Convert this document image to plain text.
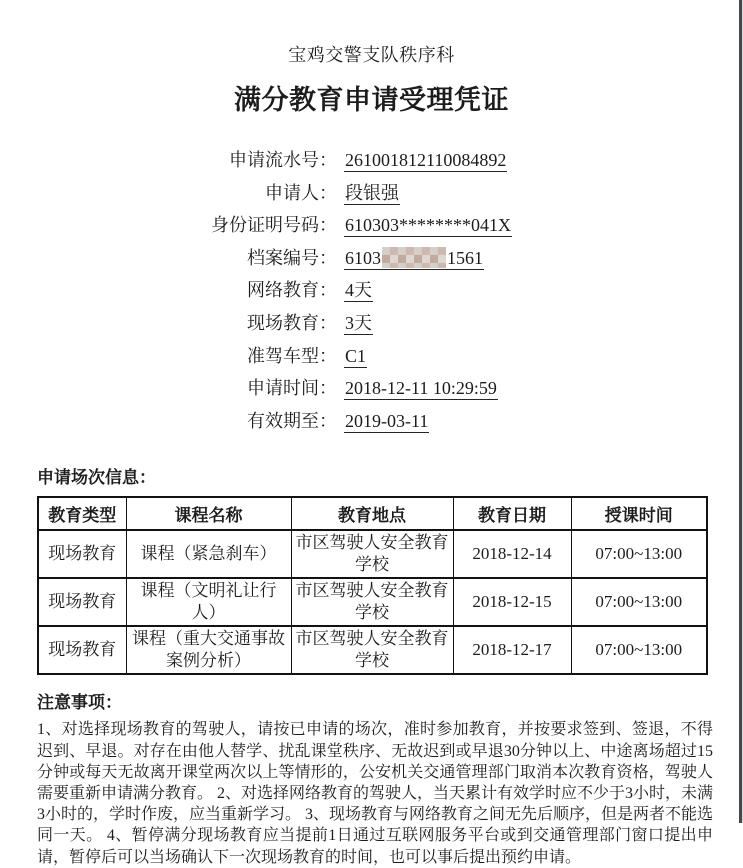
宝鸡交警支队秩序科
满分教育申请受理凭证
申请流水号： 261001812110084892
申请人： 段银强
身份证明号码： 610303********041X
档案编号： 6103	1561
网络教育： 4天
现场教育： 3天
准驾车型： C1
申请时间： 2018-12-11 10:29:59
有效期至： 2019-03-11
申请场次信息：
教育类型	课程名称	教育地点	教育日期	授课时间
现场教育	课程（紧急刹车）	市区驾驶人安全教育学校	2018-12-14	07:00~13:00
现场教育	课程（文明礼让行人）	市区驾驶人安全教育学校	2018-12-15	07:00~13:00
现场教育	课程（重大交通事故案例分析）	市区驾驶人安全教育学校	2018-12-17	07:00~13:00
注意事项：

1、对选择现场教育的驾驶人，请按已申请的场次，准时参加教育，并按要求签到、签退，不得迟到、早退。对存在由他人替学、扰乱课堂秩序、无故迟到或早退30分钟以上、中途离场超过15分钟或每天无故离开课堂两次以上等情形的，公安机关交通管理部门取消本次教育资格，驾驶人需要重新申请满分教育。 2、对选择网络教育的驾驶人，当天累计有效学时应不少于3小时，未满3小时的，学时作废，应当重新学习。 3、现场教育与网络教育之间无先后顺序，但是两者不能选同一天。 4、暂停满分现场教育应当提前1日通过互联网服务平台或到交通管理部门窗口提出申请，暂停后可以当场确认下一次现场教育的时间，也可以事后提出预约申请。
